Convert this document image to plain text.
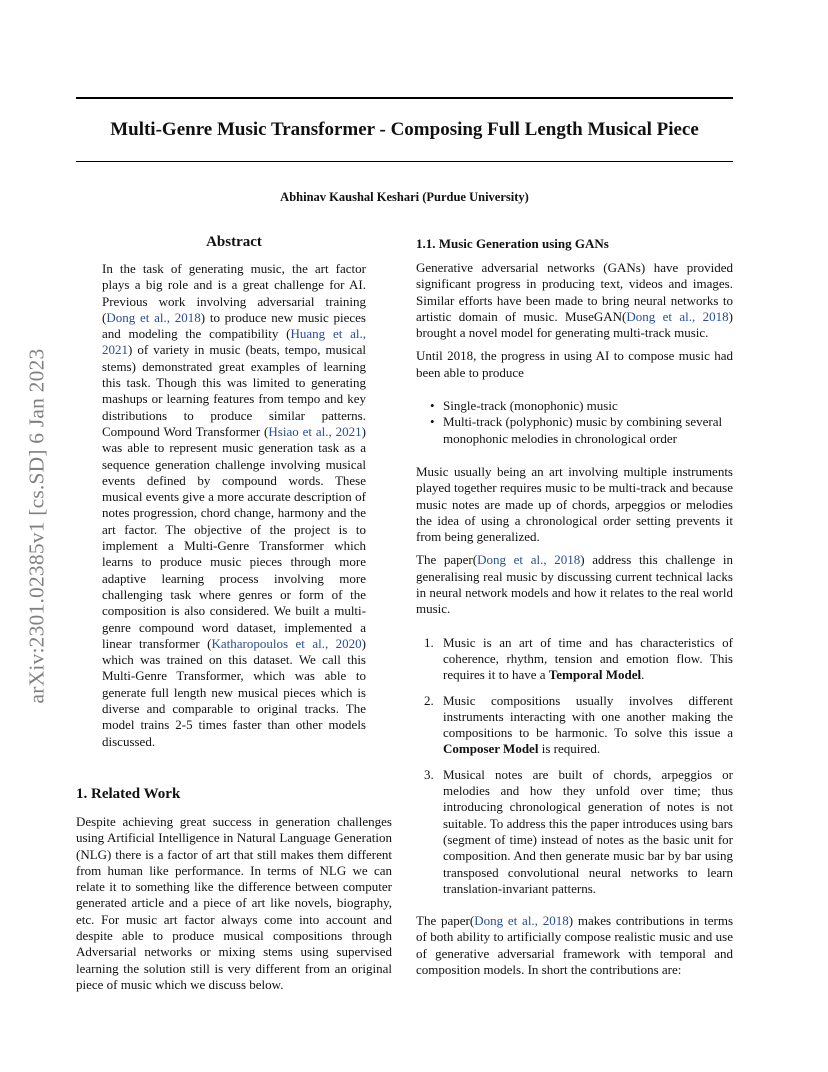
Multi-Genre Music Transformer - Composing Full Length Musical Piece
Abhinav Kaushal Keshari (Purdue University)
arXiv:2301.02385v1 [cs.SD] 6 Jan 2023
Abstract

In the task of generating music, the art factor plays a big role and is a great challenge for AI. Previous work involving adversarial training (Dong et al., 2018) to produce new music pieces and modeling the compatibility (Huang et al., 2021) of variety in music (beats, tempo, musical stems) demonstrated great examples of learning this task. Though this was limited to generating mashups or learning features from tempo and key distributions to produce similar patterns. Compound Word Transformer (Hsiao et al., 2021) was able to represent music generation task as a sequence generation challenge involving musical events defined by compound words. These musical events give a more accurate description of notes progression, chord change, harmony and the art factor. The objective of the project is to implement a Multi-Genre Transformer which learns to produce music pieces through more adaptive learning process involving more challenging task where genres or form of the composition is also considered. We built a multi-genre compound word dataset, implemented a linear transformer (Katharopoulos et al., 2020) which was trained on this dataset. We call this Multi-Genre Transformer, which was able to generate full length new musical pieces which is diverse and comparable to original tracks. The model trains 2-5 times faster than other models discussed.

1. Related Work

Despite achieving great success in generation challenges using Artificial Intelligence in Natural Language Generation (NLG) there is a factor of art that still makes them different from human like performance. In terms of NLG we can relate it to something like the difference between computer generated article and a piece of art like novels, biography, etc. For music art factor always come into account and despite able to produce musical compositions through Adversarial networks or mixing stems using supervised learning the solution still is very different from an original piece of music which we discuss below.

1.1. Music Generation using GANs

Generative adversarial networks (GANs) have provided significant progress in producing text, videos and images. Similar efforts have been made to bring neural networks to artistic domain of music. MuseGAN(Dong et al., 2018) brought a novel model for generating multi-track music.

Until 2018, the progress in using AI to compose music had been able to produce

• Single-track (monophonic) music
• Multi-track (polyphonic) music by combining several monophonic melodies in chronological order

Music usually being an art involving multiple instruments played together requires music to be multi-track and because music notes are made up of chords, arpeggios or melodies the idea of using a chronological order setting prevents it from being generalized.

The paper(Dong et al., 2018) address this challenge in generalising real music by discussing current technical lacks in neural network models and how it relates to the real world music.

1. Music is an art of time and has characteristics of coherence, rhythm, tension and emotion flow. This requires it to have a Temporal Model.
2. Music compositions usually involves different instruments interacting with one another making the compositions to be harmonic. To solve this issue a Composer Model is required.
3. Musical notes are built of chords, arpeggios or melodies and how they unfold over time; thus introducing chronological generation of notes is not suitable. To address this the paper introduces using bars (segment of time) instead of notes as the basic unit for composition. And then generate music bar by bar using transposed convolutional neural networks to learn translation-invariant patterns.

The paper(Dong et al., 2018) makes contributions in terms of both ability to artificially compose realistic music and use of generative adversarial framework with temporal and composition models. In short the contributions are:
